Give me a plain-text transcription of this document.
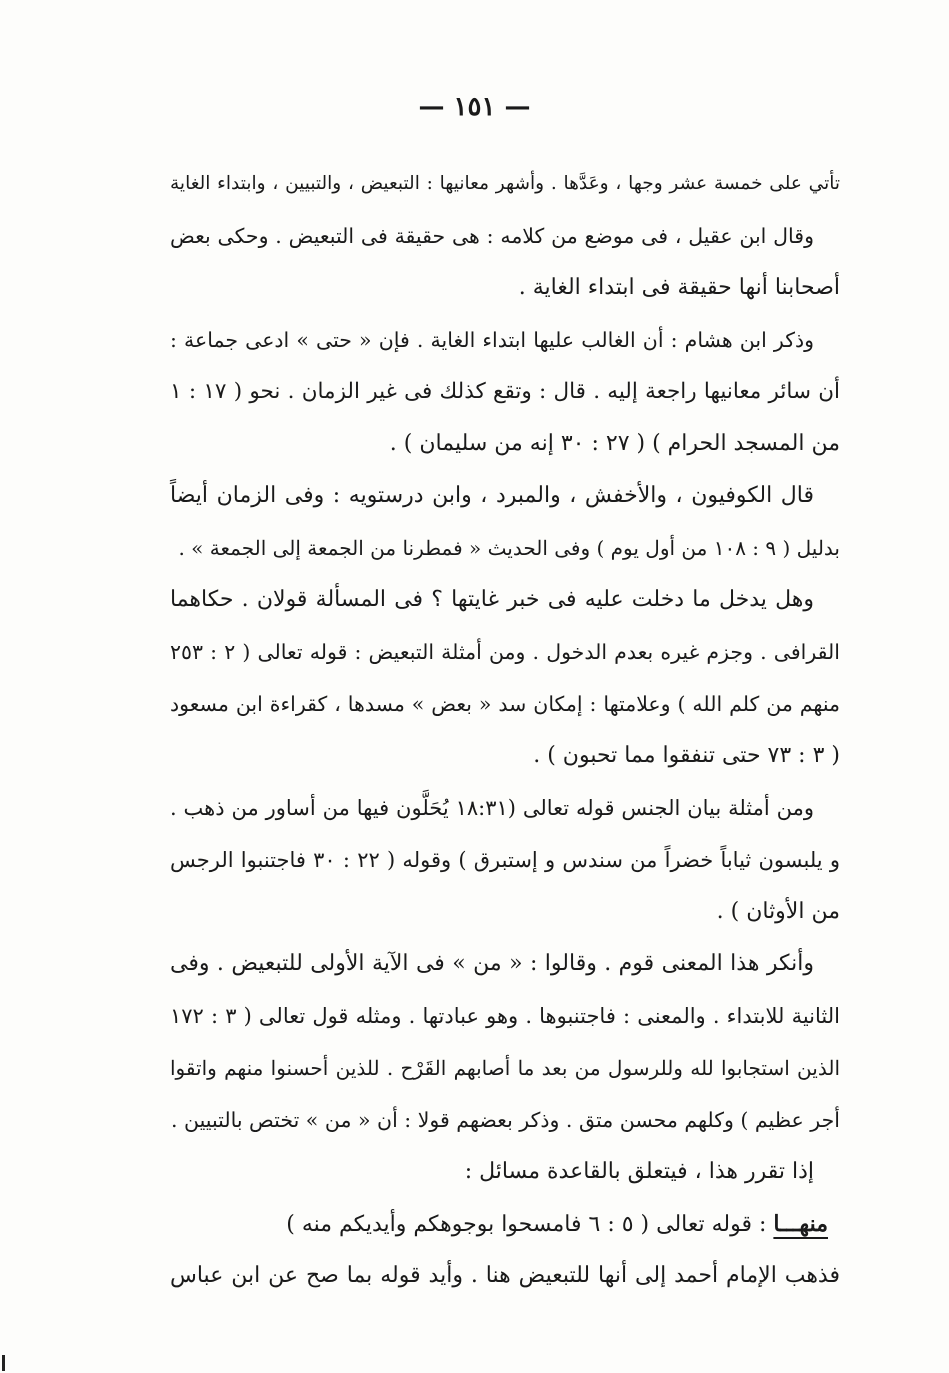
— ١٥١ —
تأتي على خمسة عشر وجها ، وعَدَّها . وأشهر معانيها : التبعيض ، والتبيين ، وابتداء الغاية
وقال ابن عقيل ، فى موضع من كلامه : هى حقيقة فى التبعيض . وحكى بعض
أصحابنا أنها حقيقة فى ابتداء الغاية .
وذكر ابن هشام : أن الغالب عليها ابتداء الغاية . فإن « حتى » ادعى جماعة :
أن سائر معانيها راجعة إليه . قال : وتقع كذلك فى غير الزمان . نحو ( ١٧ : ١
من المسجد الحرام ) ( ٢٧ : ٣٠ إنه من سليمان ) .
قال الكوفيون ، والأخفش ، والمبرد ، وابن درستويه : وفى الزمان أيضاً
بدليل ( ٩ : ١٠٨ من أول يوم ) وفى الحديث « فمطرنا من الجمعة إلى الجمعة » .
وهل يدخل ما دخلت عليه فى خبر غايتها ؟ فى المسألة قولان . حكاهما
القرافى . وجزم غيره بعدم الدخول . ومن أمثلة التبعيض : قوله تعالى ( ٢ : ٢٥٣
منهم من كلم الله ) وعلامتها : إمكان سد « بعض » مسدها ، كقراءة ابن مسعود
( ٣ : ٧٣ حتى تنفقوا مما تحبون ) .
ومن أمثلة بيان الجنس قوله تعالى (١٨:٣١ يُحَلَّون فيها من أساور من ذهب .
و يلبسون ثياباً خضراً من سندس و إستبرق ) وقوله ( ٢٢ : ٣٠ فاجتنبوا الرجس
من الأوثان ) .
وأنكر هذا المعنى قوم . وقالوا : « من » فى الآية الأولى للتبعيض . وفى
الثانية للابتداء . والمعنى : فاجتنبوها . وهو عبادتها . ومثله قول تعالى ( ٣ : ١٧٢
الذين استجابوا لله وللرسول من بعد ما أصابهم القَرْح . للذين أحسنوا منهم واتقوا
أجر عظيم ) وكلهم محسن متق . وذكر بعضهم قولا : أن « من » تختص بالتبيين .
إذا تقرر هذا ، فيتعلق بالقاعدة مسائل :
منهـــا : قوله تعالى ( ٥ : ٦ فامسحوا بوجوهكم وأيديكم منه )
فذهب الإمام أحمد إلى أنها للتبعيض هنا . وأيد قوله بما صح عن ابن عباس
